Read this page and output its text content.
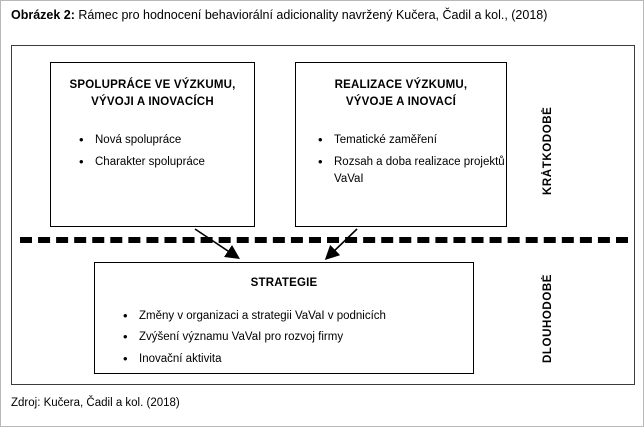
Obrázek 2: Rámec pro hodnocení behaviorální adicionality navržený Kučera, Čadil a kol., (2018)
SPOLUPRÁCE VE VÝZKUMU,
VÝVOJI A INOVACÍCH
• Nová spolupráce
• Charakter spolupráce
REALIZACE VÝZKUMU,
VÝVOJE A INOVACÍ
• Tematické zaměření
• Rozsah a doba realizace projektů VaVaI
STRATEGIE
• Změny v organizaci a strategii VaVaI v podnicích
• Zvýšení významu VaVaI pro rozvoj firmy
• Inovační aktivita
KRÁTKODOBÉ
DLOUHODOBÉ
Zdroj: Kučera, Čadil a kol. (2018)
